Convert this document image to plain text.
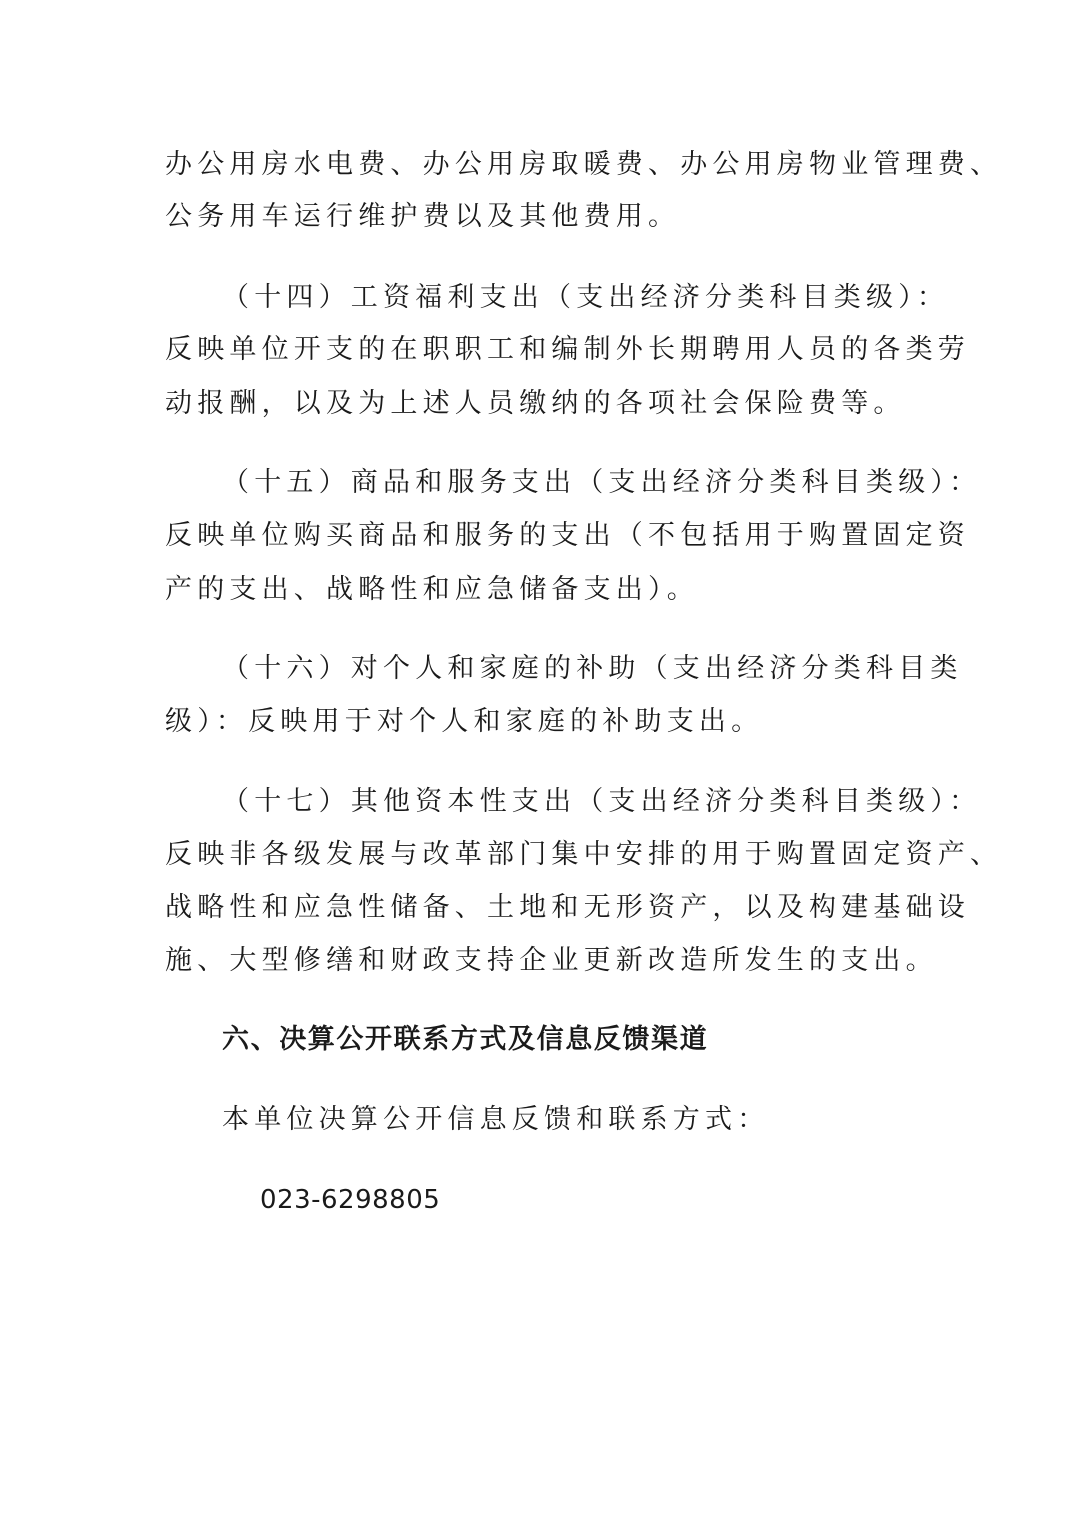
办公用房水电费、办公用房取暖费、办公用房物业管理费、
公务用车运行维护费以及其他费用。
（十四）工资福利支出（支出经济分类科目类级）：
反映单位开支的在职职工和编制外长期聘用人员的各类劳
动报酬，以及为上述人员缴纳的各项社会保险费等。
（十五）商品和服务支出（支出经济分类科目类级）：
反映单位购买商品和服务的支出（不包括用于购置固定资
产的支出、战略性和应急储备支出）。
（十六）对个人和家庭的补助（支出经济分类科目类
级）：反映用于对个人和家庭的补助支出。
（十七）其他资本性支出（支出经济分类科目类级）：
反映非各级发展与改革部门集中安排的用于购置固定资产、
战略性和应急性储备、土地和无形资产，以及构建基础设
施、大型修缮和财政支持企业更新改造所发生的支出。
六、决算公开联系方式及信息反馈渠道
本单位决算公开信息反馈和联系方式：
023-6298805
